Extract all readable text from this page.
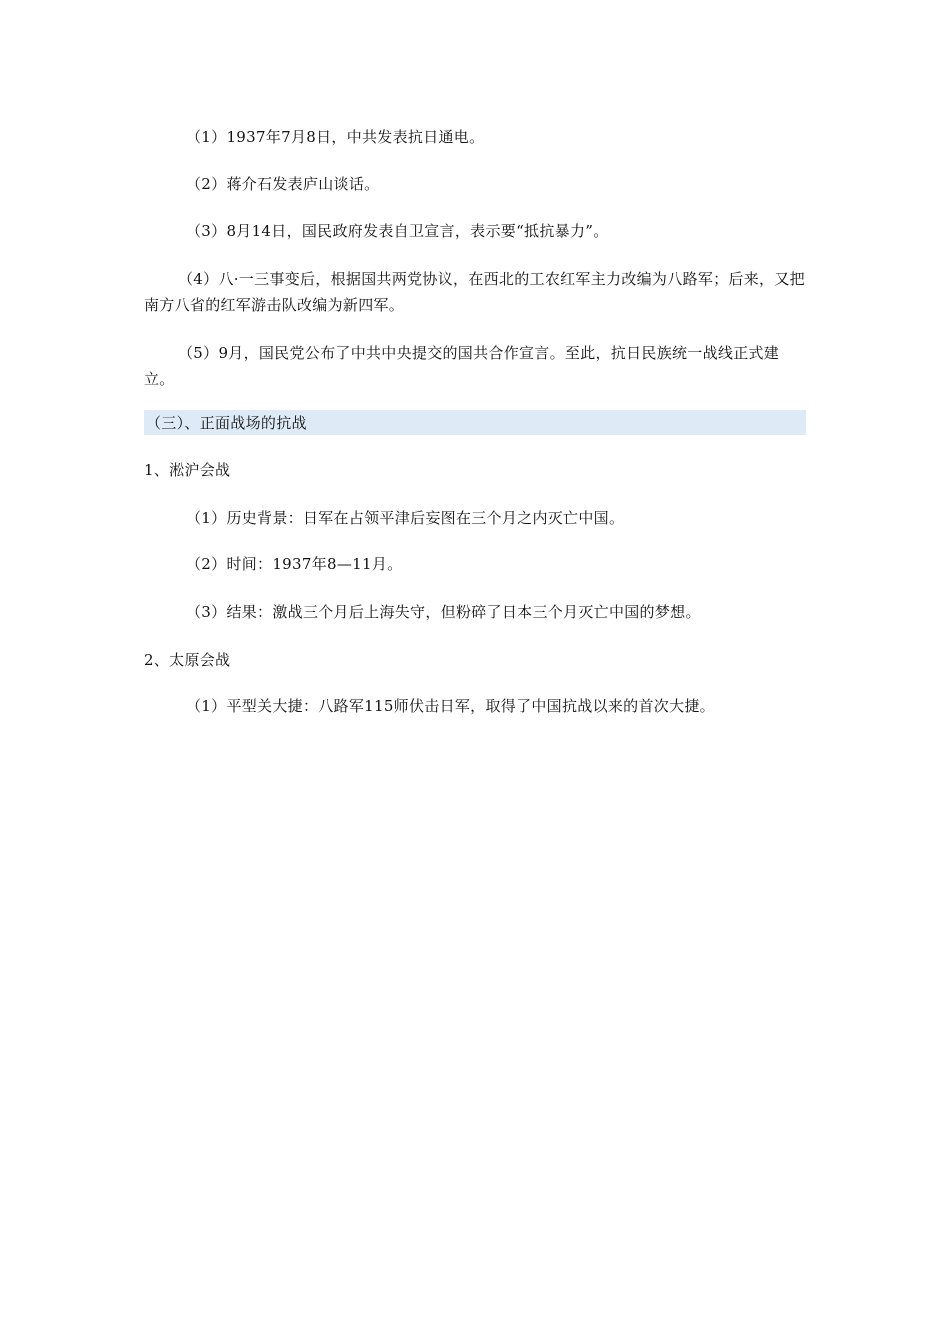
（1）1937年7月8日，中共发表抗日通电。
（2）蒋介石发表庐山谈话。
（3）8月14日，国民政府发表自卫宣言，表示要“抵抗暴力”。
（4）八·一三事变后，根据国共两党协议，在西北的工农红军主力改编为八路军；后来，又把南方八省的红军游击队改编为新四军。
（5）9月，国民党公布了中共中央提交的国共合作宣言。至此，抗日民族统一战线正式建立。
（三）、正面战场的抗战
1、淞沪会战
（1）历史背景：日军在占领平津后妄图在三个月之内灭亡中国。
（2）时间：1937年8—11月。
（3）结果：激战三个月后上海失守，但粉碎了日本三个月灭亡中国的梦想。
2、太原会战
（1）平型关大捷：八路军115师伏击日军，取得了中国抗战以来的首次大捷。
